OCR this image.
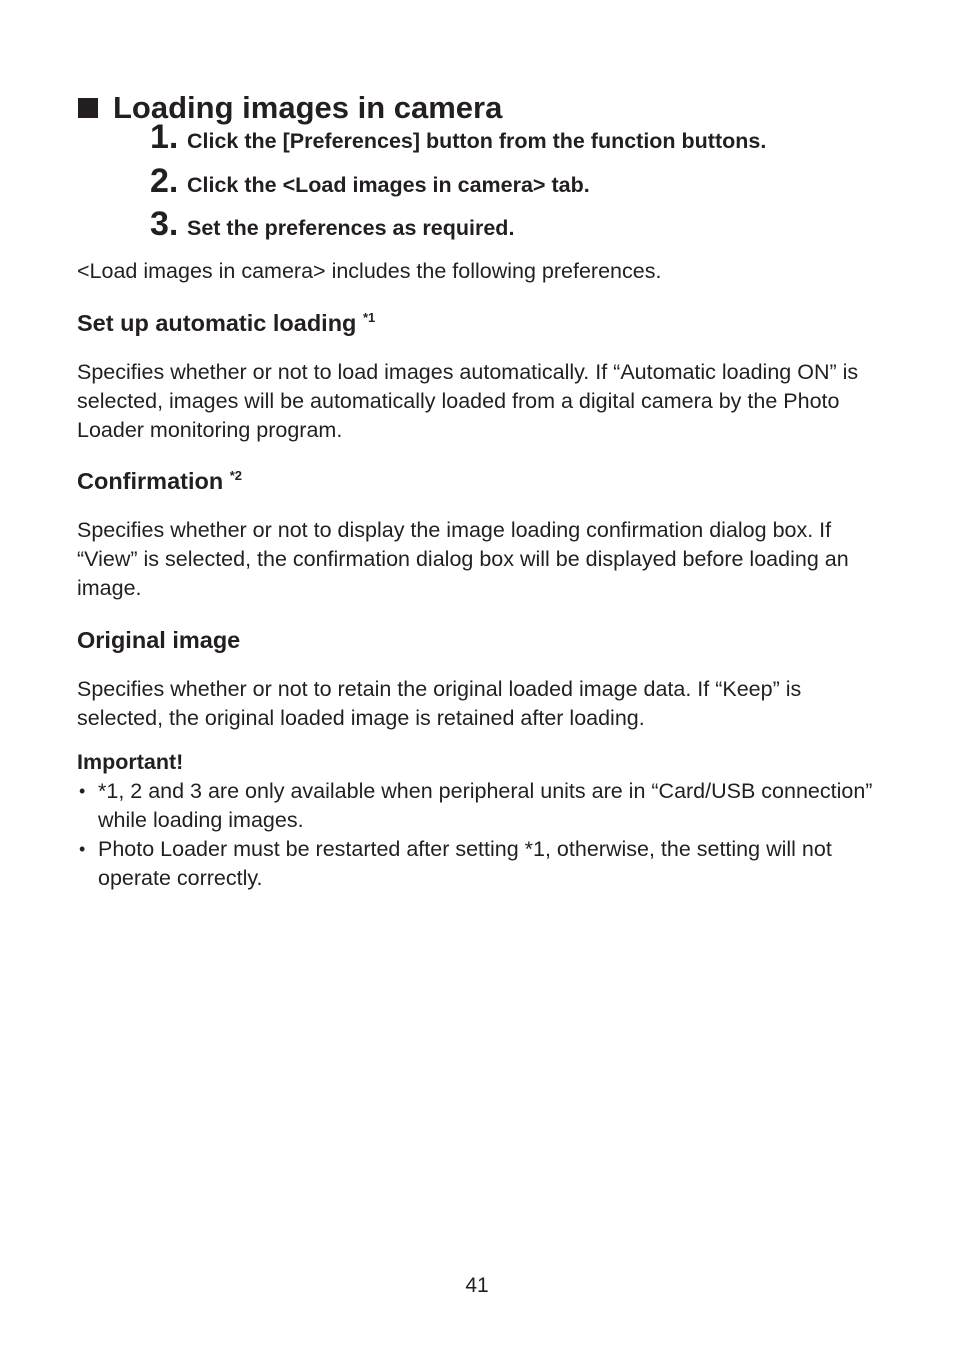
Loading images in camera
1. Click the [Preferences] button from the function buttons.
2. Click the <Load images in camera> tab.
3. Set the preferences as required.

<Load images in camera> includes the following preferences.

Set up automatic loading $^{*1}$

Specifies whether or not to load images automatically. If “Automatic loading ON” is selected, images will be automatically loaded from a digital camera by the Photo Loader monitoring program.

Confirmation $^{*2}$

Specifies whether or not to display the image loading confirmation dialog box. If “View” is selected, the confirmation dialog box will be displayed before loading an image.

Original image

Specifies whether or not to retain the original loaded image data. If “Keep” is selected, the original loaded image is retained after loading.

Important!

• *1, 2 and 3 are only available when peripheral units are in “Card/USB connection” while loading images.
• Photo Loader must be restarted after setting *1, otherwise, the setting will not operate correctly.
41
